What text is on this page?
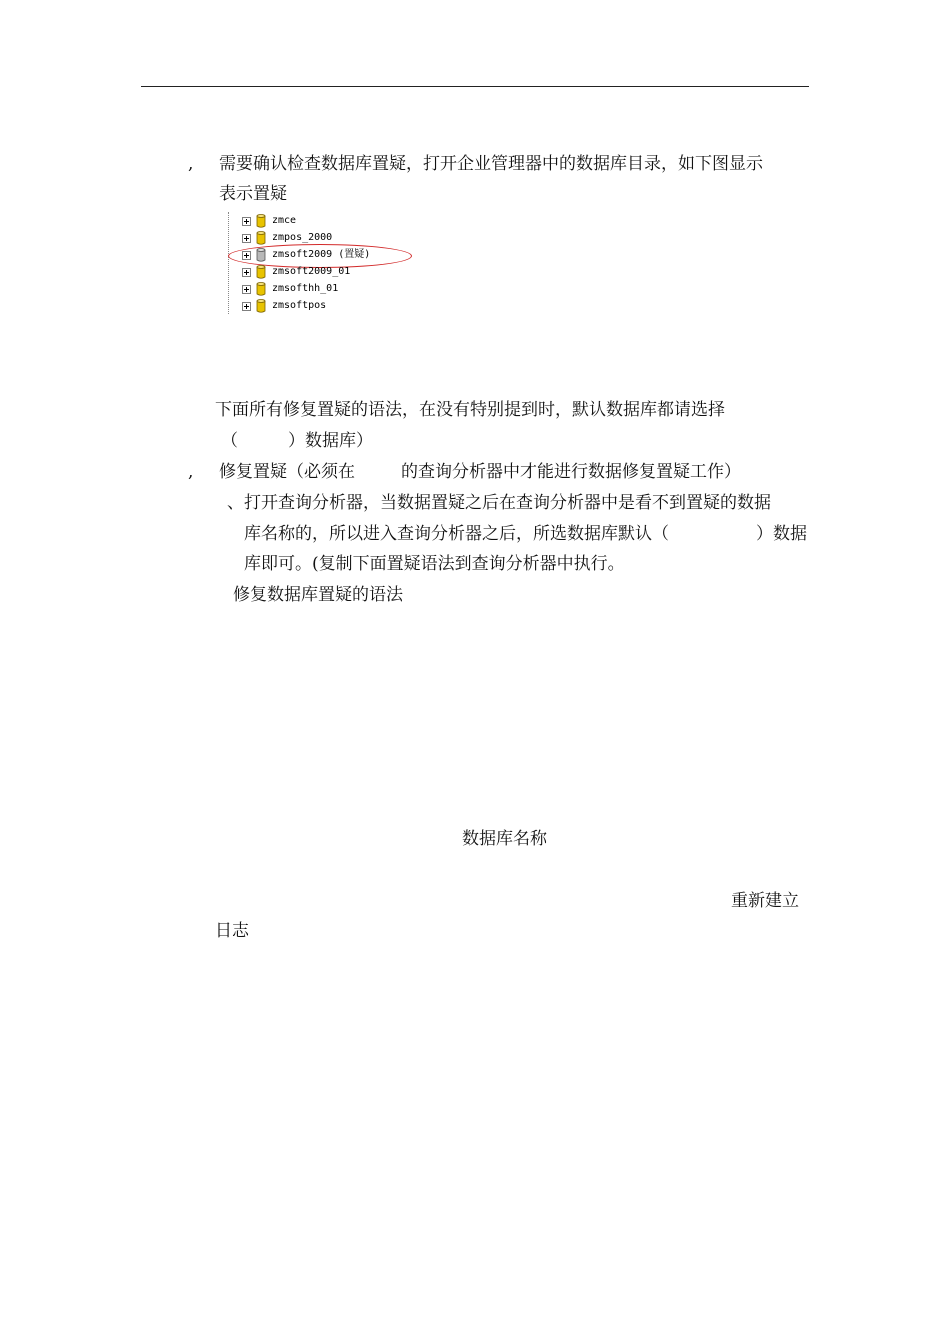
, 需要确认检查数据库置疑，打开企业管理器中的数据库目录，如下图显示
表示置疑
zmce
zmpos_2000
zmsoft2009 (置疑)
zmsoft2009_01
zmsofthh_01
zmsoftpos
下面所有修复置疑的语法，在没有特别提到时，默认数据库都请选择
（	）数据库）
, 修复置疑（必须在	的查询分析器中才能进行数据修复置疑工作）
、打开查询分析器，当数据置疑之后在查询分析器中是看不到置疑的数据
库名称的，所以进入查询分析器之后，所选数据库默认（	）数据
库即可。(复制下面置疑语法到查询分析器中执行。
修复数据库置疑的语法
数据库名称
重新建立
日志
